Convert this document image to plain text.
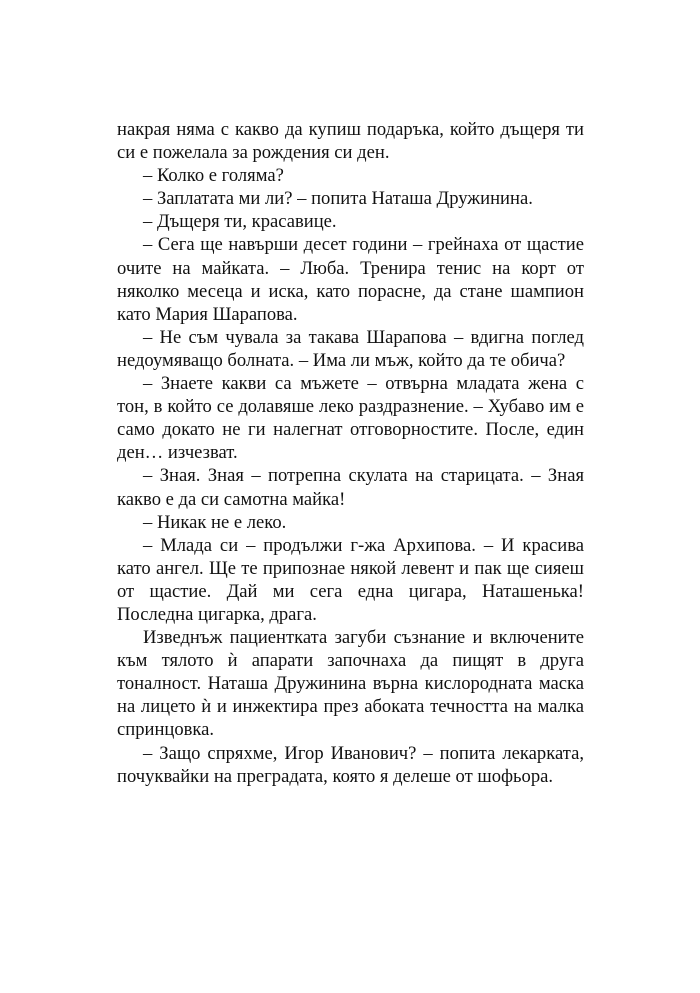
накрая няма с какво да купиш подаръка, който дъщеря ти си е пожелала за рождения си ден.

– Колко е голяма?

– Заплатата ми ли? – попита Наташа Дружинина.

– Дъщеря ти, красавице.

– Сега ще навърши десет години – грейнаха от щастие очите на майката. – Люба. Тренира тенис на корт от няколко месеца и иска, като порасне, да стане шампион като Мария Шарапова.

– Не съм чувала за такава Шарапова – вдигна поглед недоумяващо болната. – Има ли мъж, който да те обича?

– Знаете какви са мъжете – отвърна младата жена с тон, в който се долавяше леко раздразнение. – Хубаво им е само докато не ги налегнат отговорностите. После, един ден… изчезват.

– Зная. Зная – потрепна скулата на старицата. – Зная какво е да си самотна майка!

– Никак не е леко.

– Млада си – продължи г-жа Архипова. – И красива като ангел. Ще те припознае някой левент и пак ще сияеш от щастие. Дай ми сега една цигара, Наташенька! Последна цигарка, драга.

Изведнъж пациентката загуби съзнание и включените към тялото ѝ апарати започнаха да пищят в друга тоналност. Наташа Дружинина върна кислородната маска на лицето ѝ и инжектира през абоката течността на малка спринцовка.

– Защо спряхме, Игор Иванович? – попита лекарката, почуквайки на преградата, която я делеше от шофьора.
